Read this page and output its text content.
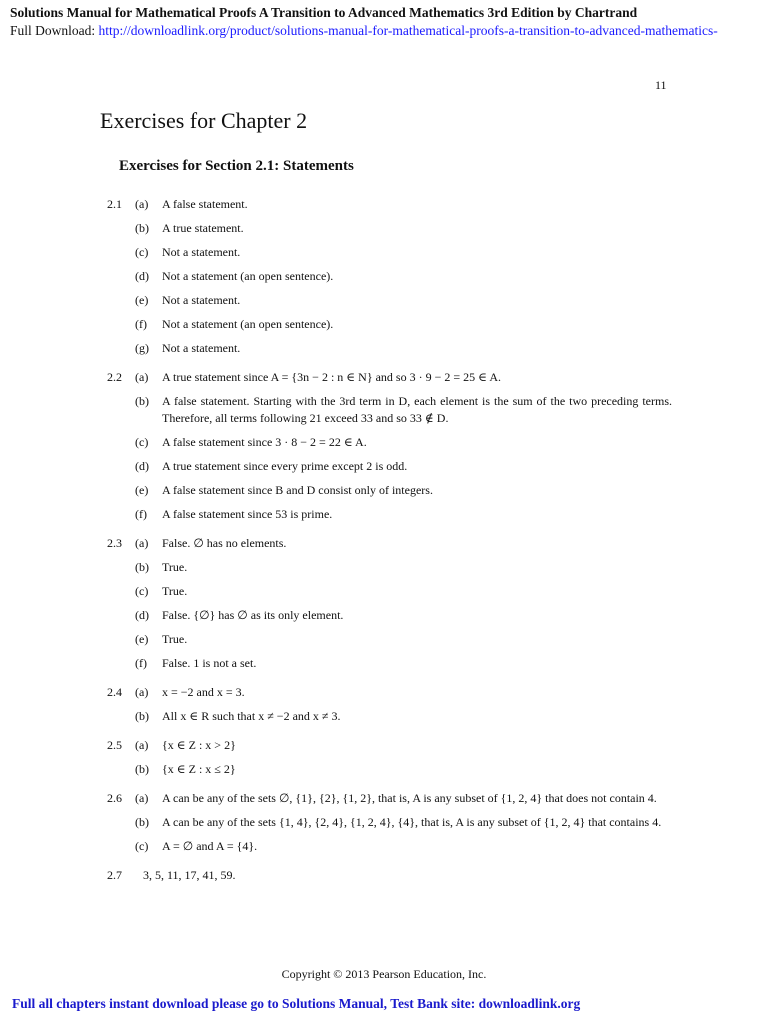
Solutions Manual for Mathematical Proofs A Transition to Advanced Mathematics 3rd Edition by Chartrand
Full Download: http://downloadlink.org/product/solutions-manual-for-mathematical-proofs-a-transition-to-advanced-mathematics-
11
Exercises for Chapter 2
Exercises for Section 2.1: Statements
2.1	(a)	A false statement.
(b)	A true statement.
(c)	Not a statement.
(d)	Not a statement (an open sentence).
(e)	Not a statement.
(f)	Not a statement (an open sentence).
(g)	Not a statement.
2.2	(a)	A true statement since A = {3n − 2 : n ∈ N} and so 3 · 9 − 2 = 25 ∈ A.
(b)	A false statement. Starting with the 3rd term in D, each element is the sum of the two preceding terms. Therefore, all terms following 21 exceed 33 and so 33 ∉ D.
(c)	A false statement since 3 · 8 − 2 = 22 ∈ A.
(d)	A true statement since every prime except 2 is odd.
(e)	A false statement since B and D consist only of integers.
(f)	A false statement since 53 is prime.
2.3	(a)	False. ∅ has no elements.
(b)	True.
(c)	True.
(d)	False. {∅} has ∅ as its only element.
(e)	True.
(f)	False. 1 is not a set.
2.4	(a)	x = −2 and x = 3.
(b)	All x ∈ R such that x ≠ −2 and x ≠ 3.
2.5	(a)	{x ∈ Z : x > 2}
(b)	{x ∈ Z : x ≤ 2}
2.6	(a)	A can be any of the sets ∅, {1}, {2}, {1, 2}, that is, A is any subset of {1, 2, 4} that does not contain 4.
(b)	A can be any of the sets {1, 4}, {2, 4}, {1, 2, 4}, {4}, that is, A is any subset of {1, 2, 4} that contains 4.
(c)	A = ∅ and A = {4}.
2.7	3, 5, 11, 17, 41, 59.
Copyright © 2013 Pearson Education, Inc.
Full all chapters instant download please go to Solutions Manual, Test Bank site: downloadlink.org
